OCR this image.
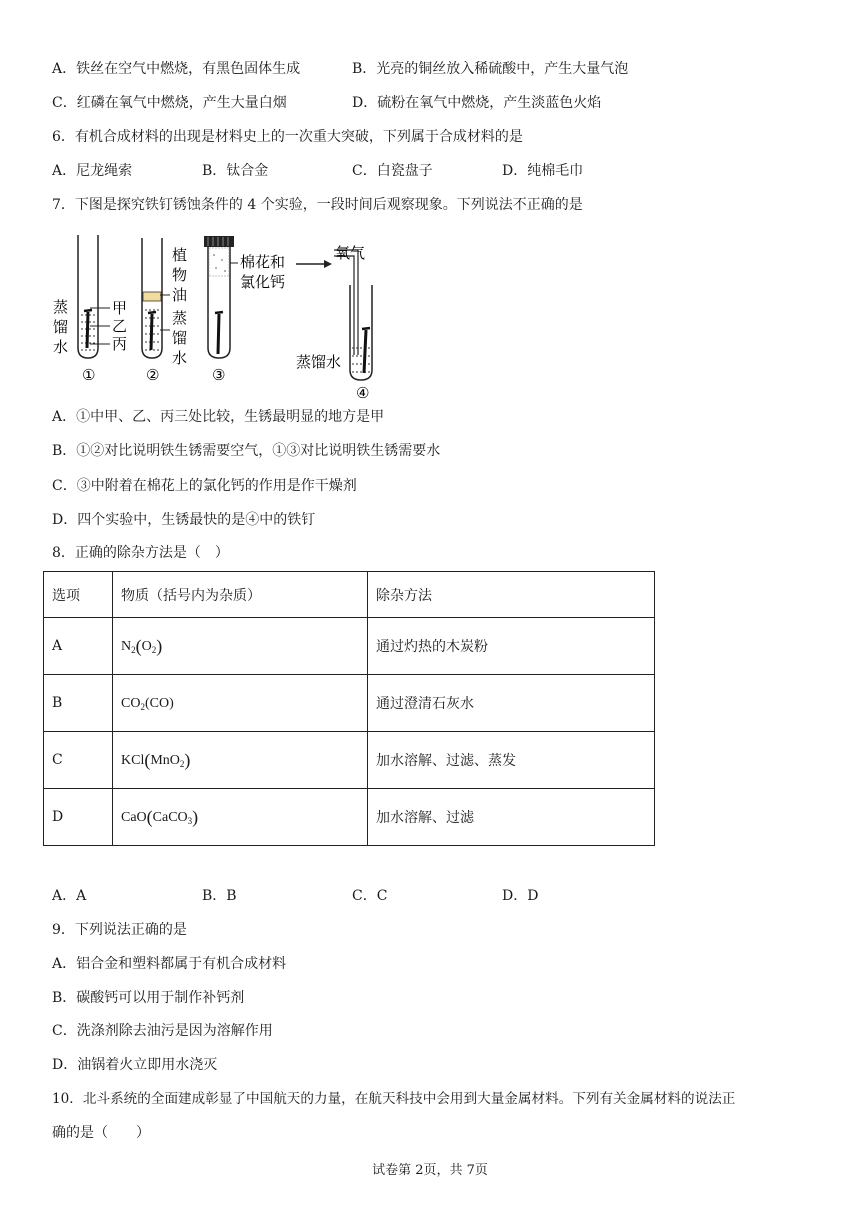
A．铁丝在空气中燃烧，有黑色固体生成	B．光亮的铜丝放入稀硫酸中，产生大量气泡
C．红磷在氧气中燃烧，产生大量白烟	D．硫粉在氧气中燃烧，产生淡蓝色火焰
6．有机合成材料的出现是材料史上的一次重大突破，下列属于合成材料的是
A．尼龙绳索	B．钛合金	C．白瓷盘子	D．纯棉毛巾
7．下图是探究铁钉锈蚀条件的 4 个实验，一段时间后观察现象。下列说法不正确的是
甲
乙
丙
蒸
馏
水
①
植
物
油
蒸
馏
水
②
棉花和
氯化钙
③
氧气
蒸馏水
④
A．①中甲、乙、丙三处比较，生锈最明显的地方是甲
B．①②对比说明铁生锈需要空气，①③对比说明铁生锈需要水
C．③中附着在棉花上的氯化钙的作用是作干燥剂
D．四个实验中，生锈最快的是④中的铁钉
8．正确的除杂方法是（　）
选项	物质（括号内为杂质）	除杂方法
A	$N_2(O_2)$	通过灼热的木炭粉
B	$CO_2(CO)$	通过澄清石灰水
C	KCl(MnO$_2$)	加水溶解、过滤、蒸发
D	CaO(CaCO$_3$)	加水溶解、过滤
A．A	B．B	C．C	D．D
9．下列说法正确的是
A．铝合金和塑料都属于有机合成材料
B．碳酸钙可以用于制作补钙剂
C．洗涤剂除去油污是因为溶解作用
D．油锅着火立即用水浇灭
10．北斗系统的全面建成彰显了中国航天的力量，在航天科技中会用到大量金属材料。下列有关金属材料的说法正
确的是（　　）
试卷第 2页，共 7页
